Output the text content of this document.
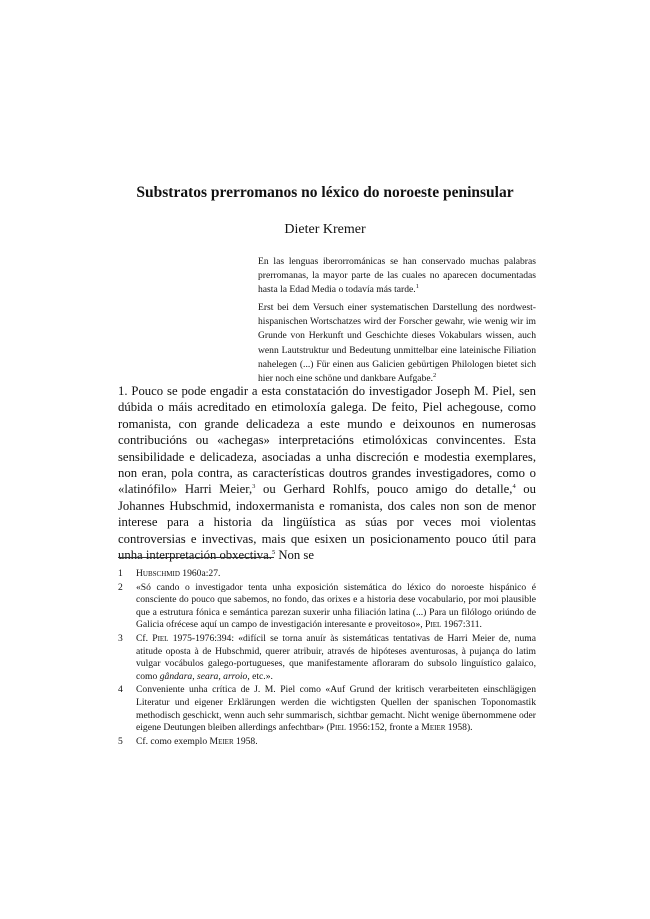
Substratos prerromanos no léxico do noroeste peninsular
Dieter Kremer
En las lenguas iberorrománicas se han conservado muchas palabras prerromanas, la mayor parte de las cuales no aparecen documentadas hasta la Edad Media o todavía más tarde.$^1$
Erst bei dem Versuch einer systematischen Darstellung des nordwest-hispanischen Wortschatzes wird der Forscher gewahr, wie wenig wir im Grunde von Herkunft und Geschichte dieses Vokabulars wissen, auch wenn Lautstruktur und Bedeutung unmittelbar eine lateinische Filiation nahelegen (...) Für einen aus Galicien gebürtigen Philologen bietet sich hier noch eine schöne und dankbare Aufgabe.$^2$
1. Pouco se pode engadir a esta constatación do investigador Joseph M. Piel, sen dúbida o máis acreditado en etimoloxía galega. De feito, Piel achegouse, como romanista, con grande delicadeza a este mundo e deixounos en numerosas contribucións ou «achegas» interpretacións etimolóxicas convincentes. Esta sensibilidade e delicadeza, asociadas a unha discreción e modestia exemplares, non eran, pola contra, as características doutros grandes investigadores, como o «latinófilo» Harri Meier,$^3$ ou Gerhard Rohlfs, pouco amigo do detalle,$^4$ ou Johannes Hubschmid, indoxermanista e romanista, dos cales non son de menor interese para a historia da lingüística as súas por veces moi violentas controversias e invectivas, mais que esixen un posicionamento pouco útil para unha interpretación obxectiva.$^5$ Non se
1 Hubschmid 1960a:27.
2 «Só cando o investigador tenta unha exposición sistemática do léxico do noroeste hispánico é consciente do pouco que sabemos, no fondo, das orixes e a historia dese vocabulario, por moi plausible que a estrutura fónica e semántica parezan suxerir unha filiación latina (...) Para un filólogo oriúndo de Galicia ofrécese aquí un campo de investigación interesante e proveitoso», Piel 1967:311.
3 Cf. Piel 1975-1976:394: «difícil se torna anuír às sistemáticas tentativas de Harri Meier de, numa atitude oposta à de Hubschmid, querer atribuir, através de hipóteses aventurosas, à pujança do latim vulgar vocábulos galego-portugueses, que manifestamente afloraram do subsolo linguístico galaico, como gândara, seara, arroio, etc.».
4 Conveniente unha crítica de J. M. Piel como «Auf Grund der kritisch verarbeiteten einschlägigen Literatur und eigener Erklärungen werden die wichtigsten Quellen der spanischen Toponomastik methodisch geschickt, wenn auch sehr summarisch, sichtbar gemacht. Nicht wenige übernommene oder eigene Deutungen bleiben allerdings anfechtbar» (Piel 1956:152, fronte a Meier 1958).
5 Cf. como exemplo Meier 1958.
